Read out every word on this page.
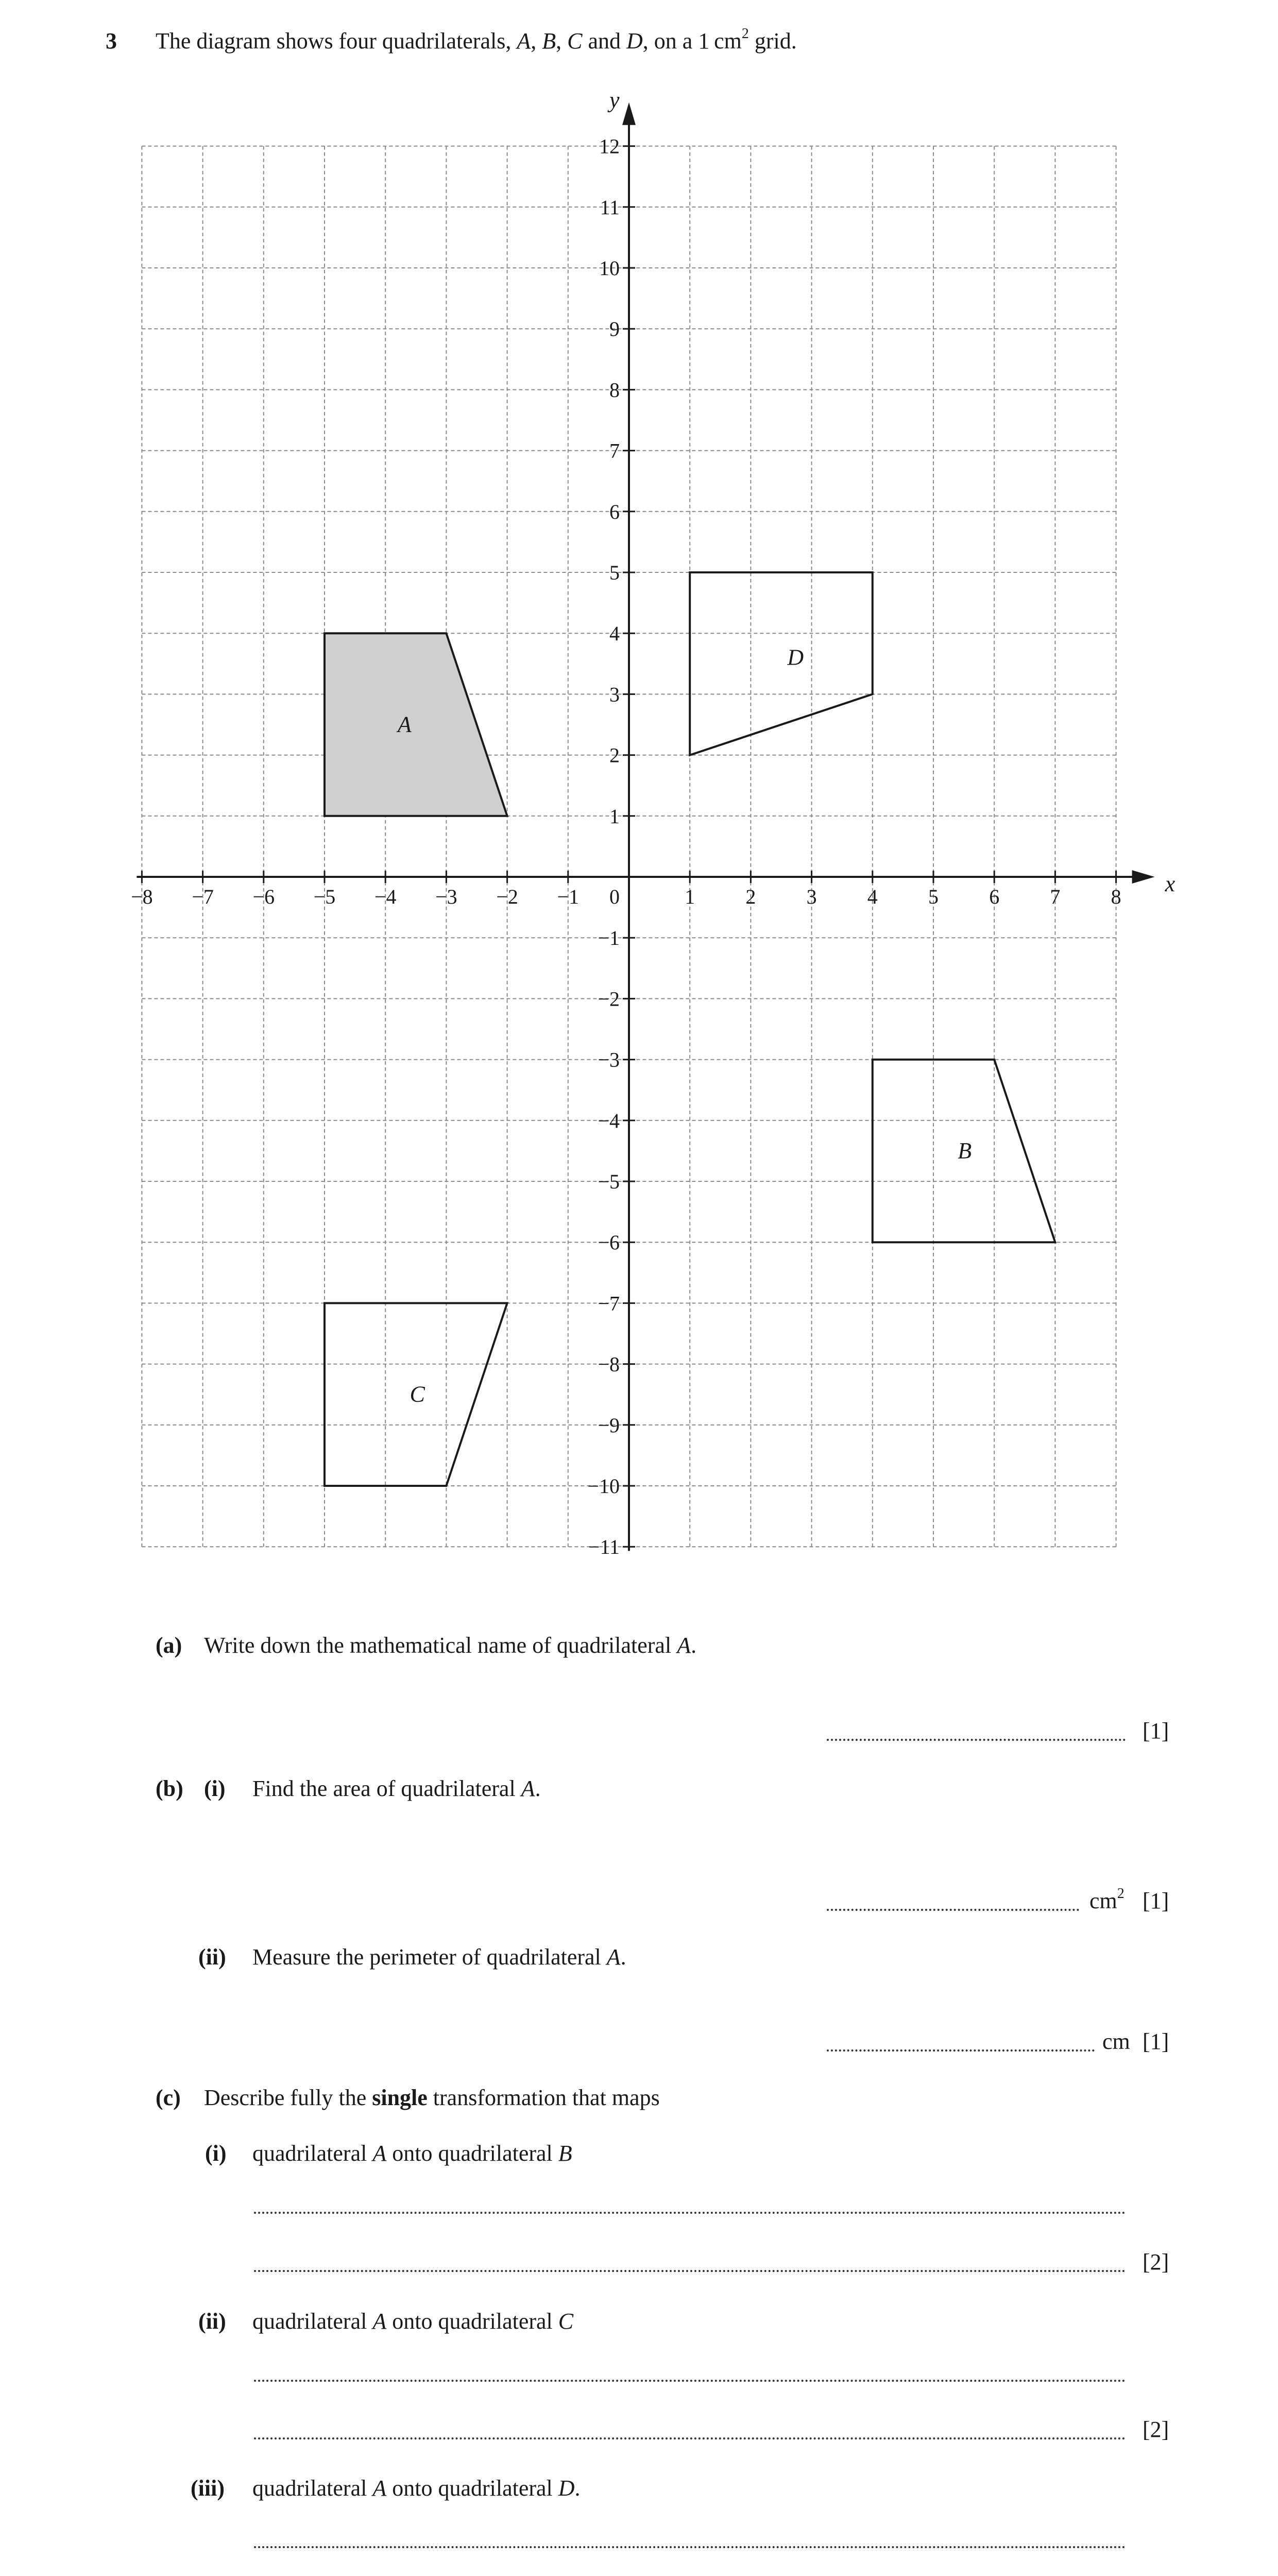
3 The diagram shows four quadrilaterals, A, B, C and D, on a 1 $cm^2$ grid.
A
B
C
D
x
y
−8 −7 −6 −5 −4 −3 −2 −1	1 2 3 4 5 6 7 8
−11
−10
−9
−8
−7
−6
−5
−4
−3
−2
−1
1
2
3
4
5
6
7
8
9
10
11
12
0
(a) Write down the mathematical name of quadrilateral A.
[1]
(b) (i) Find the area of quadrilateral A.
$cm^2$ [1]
(ii) Measure the perimeter of quadrilateral A.
cm [1]
(c) Describe fully the single transformation that maps
(i) quadrilateral A onto quadrilateral B
[2]
(ii) quadrilateral A onto quadrilateral C
[2]
(iii) quadrilateral A onto quadrilateral D.
